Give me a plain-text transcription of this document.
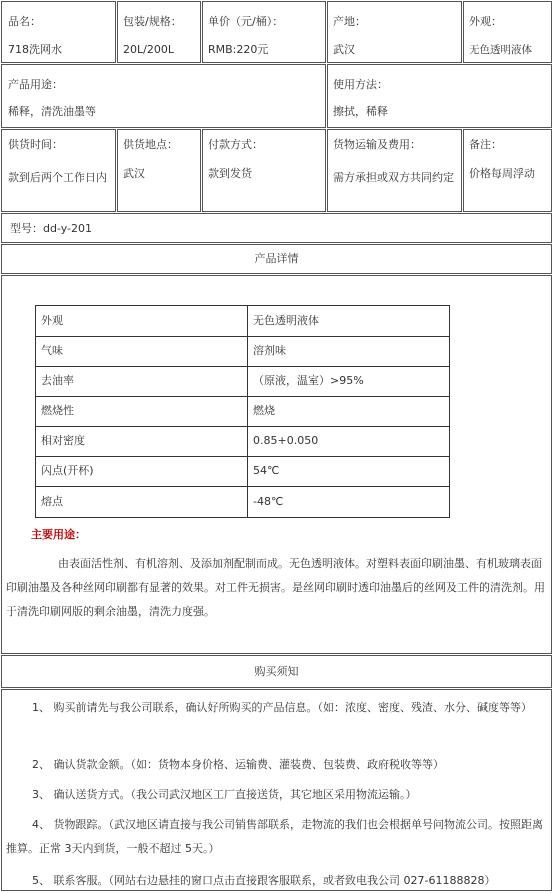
品名：
718洗网水
包装/规格：
20L/200L
单价（元/桶）：
RMB:220元
产地：
武汉
外观：
无色透明液体
产品用途：
稀释，清洗油墨等
使用方法：
擦拭，稀释
供货时间：
款到后两个工作日内
供货地点：
武汉
付款方式：
款到发货
货物运输及费用：
需方承担或双方共同约定
备注：
价格每周浮动
型号：dd-y-201
产品详情
外观	无色透明液体
气味	溶剂味
去油率	（原液，温室）>95%
燃烧性	燃烧
相对密度	0.85+0.050
闪点(开杯)	54℃
熔点	-48℃
主要用途：

由表面活性剂、有机溶剂、及添加剂配制而成。无色透明液体。对塑料表面印刷油墨、有机玻璃表面印刷油墨及各种丝网印刷都有显著的效果。对工件无损害。是丝网印刷时透印油墨后的丝网及工件的清洗剂。用于清洗印刷网版的剩余油墨，清洗力度强。

购买须知

1、 购买前请先与我公司联系，确认好所购买的产品信息。（如：浓度、密度、残渣、水分、碱度等等）

2、 确认货款金额。（如：货物本身价格、运输费、灌装费、包装费、政府税收等等）

3、 确认送货方式。（我公司武汉地区工厂直接送货，其它地区采用物流运输。）

4、 货物跟踪。（武汉地区请直接与我公司销售部联系，走物流的我们也会根据单号问物流公司。按照距离推算。正常 3天内到货，一般不超过 5天。）

5、 联系客服。（网站右边悬挂的窗口点击直接跟客服联系，或者致电我公司 027-61188828）
